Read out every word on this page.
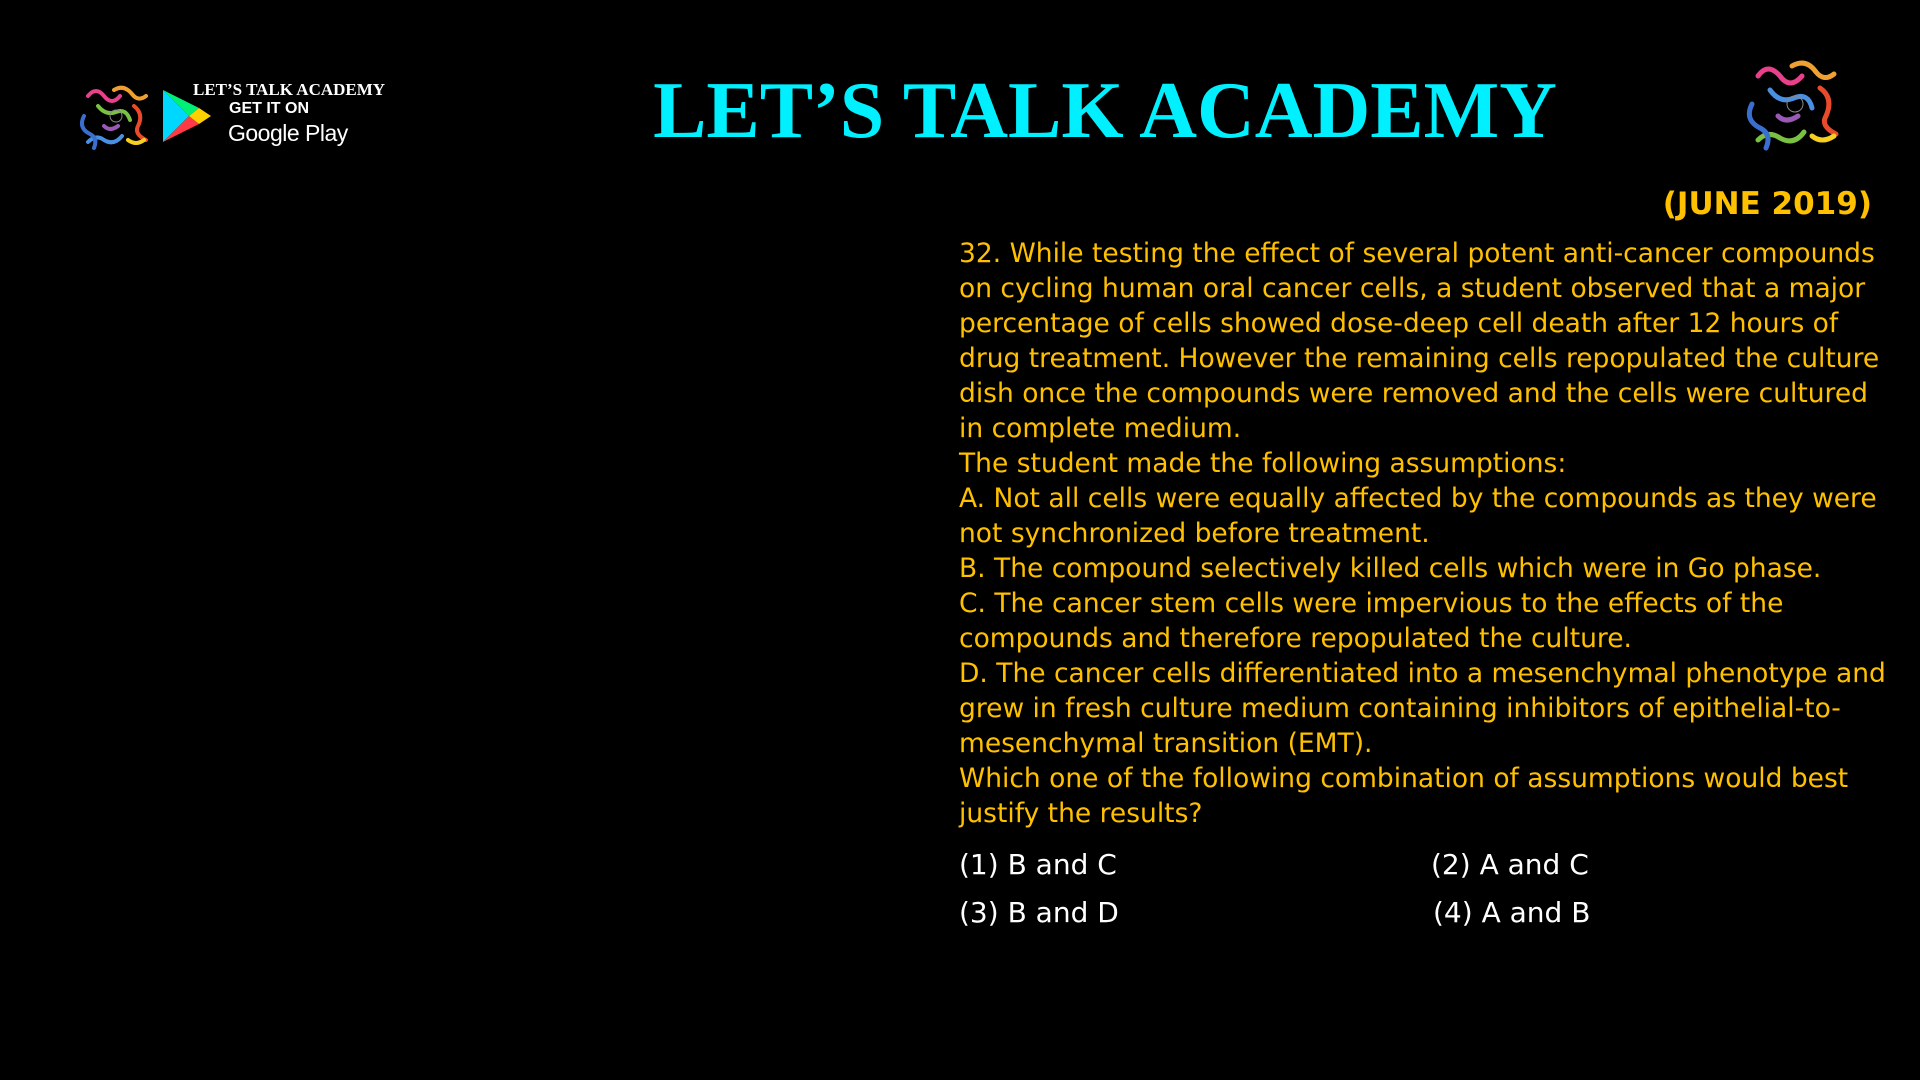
LET’S TALK ACADEMY
GET IT ON
Google Play	LET’S TALK ACADEMY
(JUNE 2019)

32. While testing the effect of several potent anti-cancer compounds on cycling human oral cancer cells, a student observed that a major percentage of cells showed dose-deep cell death after 12 hours of drug treatment. However the remaining cells repopulated the culture dish once the compounds were removed and the cells were cultured in complete medium.

The student made the following assumptions:

A. Not all cells were equally affected by the compounds as they were not synchronized before treatment.

B. The compound selectively killed cells which were in Go phase.

C. The cancer stem cells were impervious to the effects of the compounds and therefore repopulated the culture.

D. The cancer cells differentiated into a mesenchymal phenotype and grew in fresh culture medium containing inhibitors of epithelial-to-mesenchymal transition (EMT).

Which one of the following combination of assumptions would best justify the results?

(1) B and C	(2) A and C
(3) B and D	(4) A and B
